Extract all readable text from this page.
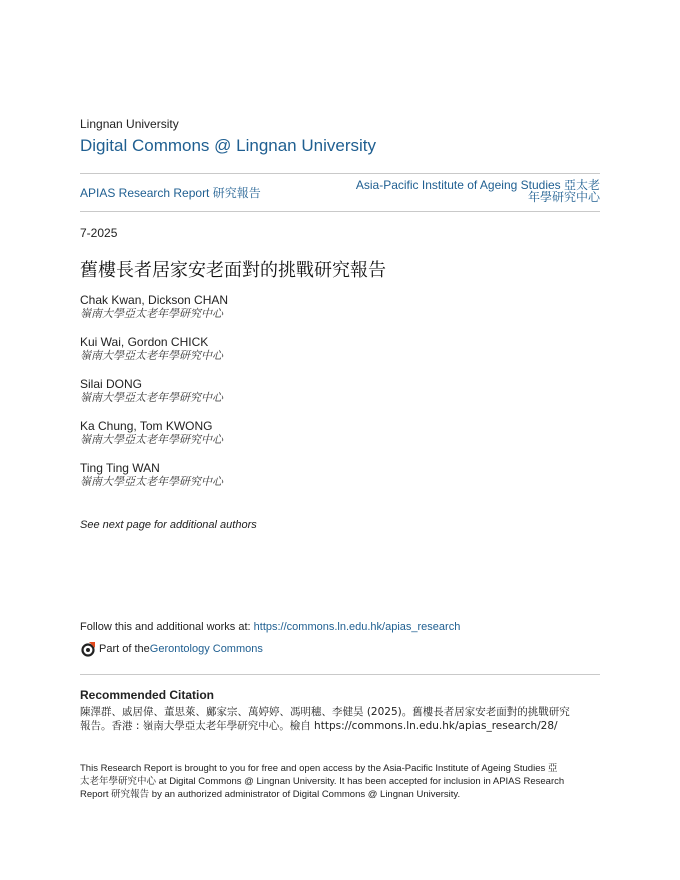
Lingnan University
Digital Commons @ Lingnan University
APIAS Research Report 研究報告
Asia-Pacific Institute of Ageing Studies 亞太老
年學研究中心
7-2025
舊樓長者居家安老面對的挑戰研究報告
Chak Kwan, Dickson CHAN
嶺南大學亞太老年學研究中心
Kui Wai, Gordon CHICK
嶺南大學亞太老年學研究中心
Silai DONG
嶺南大學亞太老年學研究中心
Ka Chung, Tom KWONG
嶺南大學亞太老年學研究中心
Ting Ting WAN
嶺南大學亞太老年學研究中心
See next page for additional authors
Follow this and additional works at: https://commons.ln.edu.hk/apias_research
Part of the Gerontology Commons
Recommended Citation
陳澤群、戚居偉、董思萊、鄺家宗、萬婷婷、馮明穗、李健昊 (2025)。舊樓長者居家安老面對的挑戰研究
報告。香港 : 嶺南大學亞太老年學研究中心。檢自 https://commons.ln.edu.hk/apias_research/28/
This Research Report is brought to you for free and open access by the Asia-Pacific Institute of Ageing Studies 亞
太老年學研究中心 at Digital Commons @ Lingnan University. It has been accepted for inclusion in APIAS Research
Report 研究報告 by an authorized administrator of Digital Commons @ Lingnan University.
